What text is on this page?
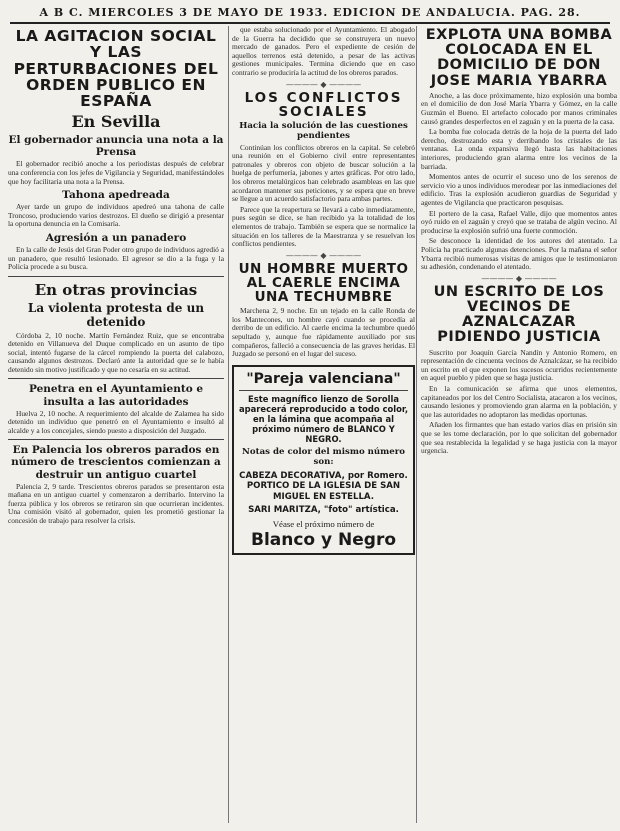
A B C. MIERCOLES 3 DE MAYO DE 1933. EDICION DE ANDALUCIA. PAG. 28.
LA AGITACION SOCIAL Y LAS PERTURBACIONES DEL ORDEN PUBLICO EN ESPAÑA
En Sevilla
El gobernador anuncia una nota a la Prensa

El gobernador recibió anoche a los periodistas después de celebrar una conferencia con los jefes de Vigilancia y Seguridad, manifestándoles que hoy facilitaría una nota a la Prensa.

Tahona apedreada

Ayer tarde un grupo de individuos apedreó una tahona de calle Troncoso, produciendo varios destrozos. El dueño se dirigió a presentar la oportuna denuncia en la Comisaría.

Agresión a un panadero

En la calle de Jesús del Gran Poder otro grupo de individuos agredió a un panadero, que resultó lesionado. El agresor se dio a la fuga y la Policía procede a su busca.

En otras provincias
La violenta protesta de un detenido

Córdoba 2, 10 noche. Martín Fernández Ruiz, que se encontraba detenido en Villanueva del Duque complicado en un asunto de tipo social, intentó fugarse de la cárcel rompiendo la puerta del calabozo, causando algunos destrozos. Declaró ante la autoridad que se le había detenido sin motivo justificado y que no cesaría en su actitud.

Penetra en el Ayuntamiento e insulta a las autoridades

Huelva 2, 10 noche. A requerimiento del alcalde de Zalamea ha sido detenido un individuo que penetró en el Ayuntamiento e insultó al alcalde y a los concejales, siendo puesto a disposición del Juzgado.

En Palencia los obreros parados en número de trescientos comienzan a destruir un antiguo cuartel

Palencia 2, 9 tarde. Trescientos obreros parados se presentaron esta mañana en un antiguo cuartel y comenzaron a derribarlo. Intervino la fuerza pública y los obreros se retiraron sin que ocurrieran incidentes. Una comisión visitó al gobernador, quien les prometió gestionar la concesión de trabajo para resolver la crisis.

que estaba solucionado por el Ayuntamiento. El abogado de la Guerra ha decidido que se construyera un nuevo mercado de ganados. Pero el expediente de cesión de aquellos terrenos está detenido, a pesar de las activas gestiones municipales. Termina diciendo que en caso contrario se produciría la actitud de los obreros parados.

———— ◆ ————
LOS CONFLICTOS SOCIALES
Hacia la solución de las cuestiones pendientes

Continúan los conflictos obreros en la capital. Se celebró una reunión en el Gobierno civil entre representantes patronales y obreros con objeto de buscar solución a la huelga de perfumería, jabones y artes gráficas. Por otro lado, los obreros metalúrgicos han celebrado asambleas en las que acordaron mantener sus peticiones, y se espera que en breve se llegue a un acuerdo satisfactorio para ambas partes.

Parece que la reapertura se llevará a cabo inmediatamente, pues según se dice, se han recibido ya la totalidad de los elementos de trabajo. También se espera que se normalice la situación en los talleres de la Maestranza y se resuelvan los conflictos pendientes.

———— ◆ ————
UN HOMBRE MUERTO AL CAERLE ENCIMA UNA TECHUMBRE

Marchena 2, 9 noche. En un tejado en la calle Ronda de los Mantecones, un hombre cayó cuando se procedía al derribo de un edificio. Al caerle encima la techumbre quedó sepultado y, aunque fue rápidamente auxiliado por sus compañeros, falleció a consecuencia de las graves heridas. El Juzgado se personó en el lugar del suceso.

"Pareja valenciana"
Este magnífico lienzo de Sorolla aparecerá reproducido a todo color, en la lámina que acompaña al próximo número de BLANCO Y NEGRO.
Notas de color del mismo número son:
CABEZA DECORATIVA, por Romero. PORTICO DE LA IGLESIA DE SAN MIGUEL EN ESTELLA.
SARI MARITZA, "foto" artística.
Véase el próximo número de
Blanco y Negro
EXPLOTA UNA BOMBA COLOCADA EN EL DOMICILIO DE DON JOSE MARIA YBARRA

Anoche, a las doce próximamente, hizo explosión una bomba en el domicilio de don José María Ybarra y Gómez, en la calle Guzmán el Bueno. El artefacto colocado por manos criminales causó grandes desperfectos en el zaguán y en la puerta de la casa.

La bomba fue colocada detrás de la hoja de la puerta del lado derecho, destrozando esta y derribando los cristales de las ventanas. La onda expansiva llegó hasta las habitaciones interiores, produciendo gran alarma entre los vecinos de la barriada.

Momentos antes de ocurrir el suceso uno de los serenos de servicio vio a unos individuos merodear por las inmediaciones del edificio. Tras la explosión acudieron guardias de Seguridad y agentes de Vigilancia que practicaron pesquisas.

El portero de la casa, Rafael Valle, dijo que momentos antes oyó ruido en el zaguán y creyó que se trataba de algún vecino. Al producirse la explosión sufrió una fuerte conmoción.

Se desconoce la identidad de los autores del atentado. La Policía ha practicado algunas detenciones. Por la mañana el señor Ybarra recibió numerosas visitas de amigos que le testimoniaron su adhesión, condenando el atentado.

———— ◆ ————
UN ESCRITO DE LOS VECINOS DE AZNALCAZAR PIDIENDO JUSTICIA

Suscrito por Joaquín García Nandín y Antonio Romero, en representación de cincuenta vecinos de Aznalcázar, se ha recibido un escrito en el que exponen los sucesos ocurridos recientemente en aquel pueblo y piden que se haga justicia.

En la comunicación se afirma que unos elementos, capitaneados por los del Centro Socialista, atacaron a los vecinos, causando lesiones y promoviendo gran alarma en la población, y que las autoridades no adoptaron las medidas oportunas.

Añaden los firmantes que han estado varios días en prisión sin que se les tome declaración, por lo que solicitan del gobernador que sea restablecida la legalidad y se haga justicia con la mayor urgencia.
